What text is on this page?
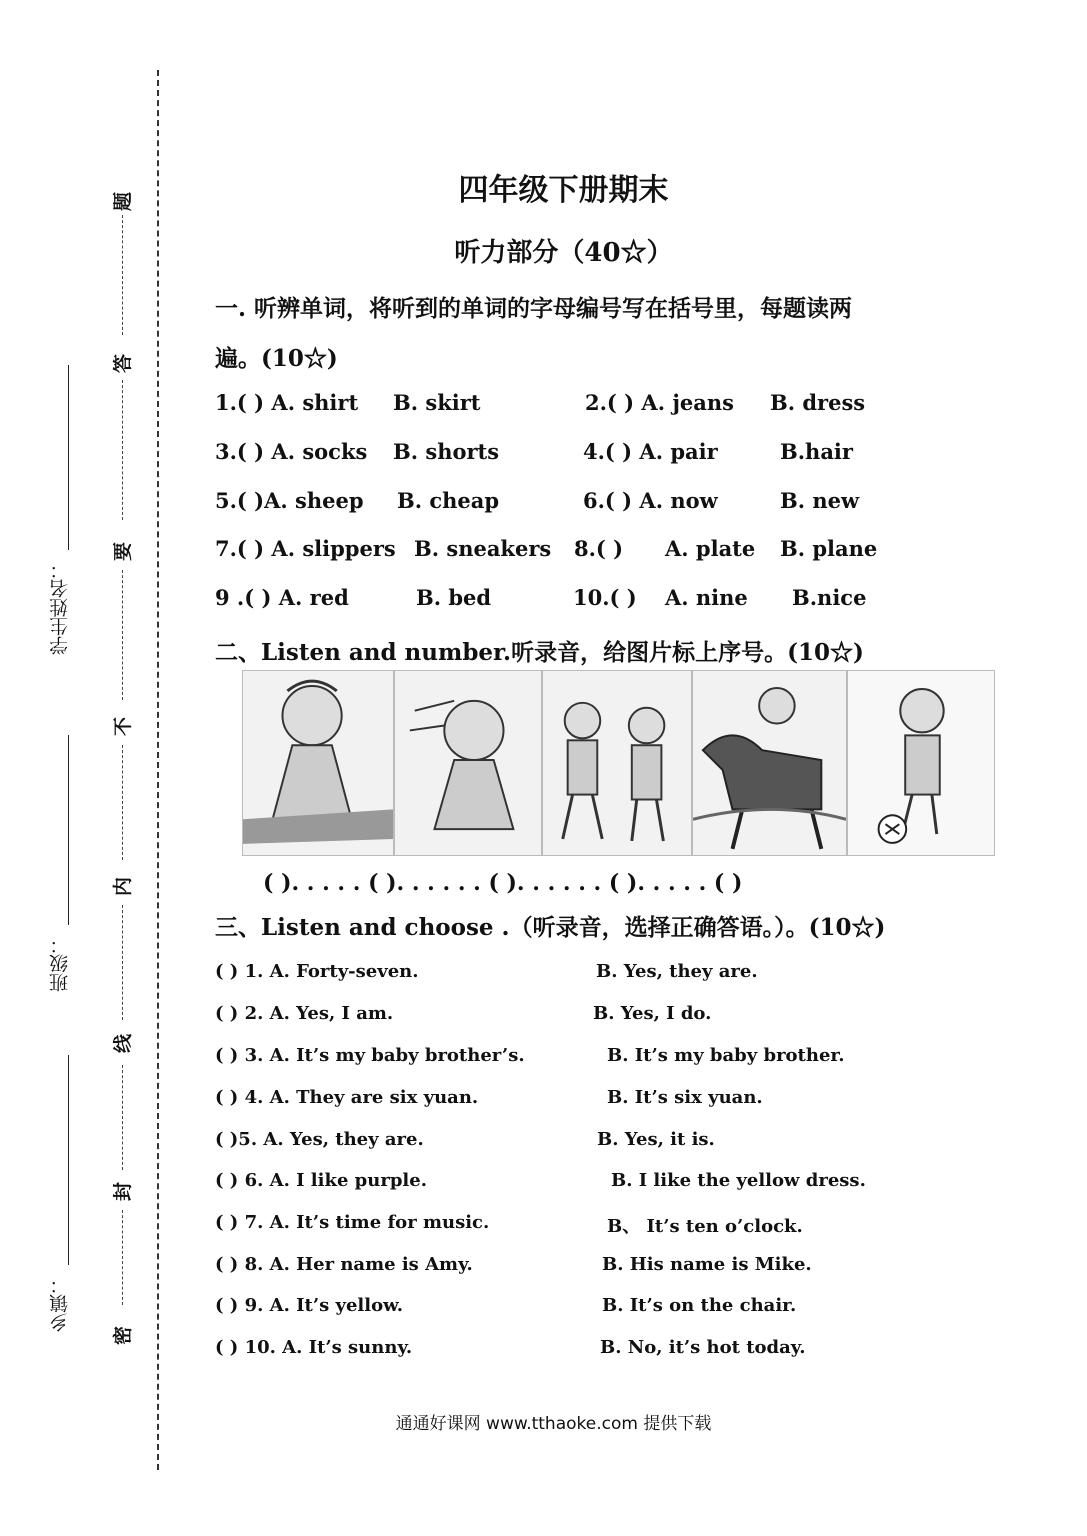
乡镇：
班级：
学生姓名：
题
答
要
不
内
线
封
密
四年级下册期末
听力部分（40☆）
一. 听辨单词，将听到的单词的字母编号写在括号里，每题读两
遍。(10☆)
1.( ) A. shirt B. skirt	2.( ) A. jeans B. dress
3.( ) A. socks B. shorts	4.( ) A. pair	B.hair
5.( )A. sheep B. cheap	6.( ) A. now	B. new
7.( ) A. slippers B. sneakers 8.( ) A. plate B. plane
9 .( ) A. red	B. bed	10.( ) A. nine B.nice
二、Listen and number.听录音，给图片标上序号。(10☆)
( ). . . . . ( ). . . . . . ( ). . . . . . ( ). . . . . ( )
三、Listen and choose .（听录音，选择正确答语。）。(10☆)
( ) 1. A. Forty-seven.	B. Yes, they are.
( ) 2. A. Yes, I am.	B. Yes, I do.
( ) 3. A. It’s my baby brother’s.	B. It’s my baby brother.
( ) 4. A. They are six yuan.	B. It’s six yuan.
( )5. A. Yes, they are.	B. Yes, it is.
( ) 6. A. I like purple.	B. I like the yellow dress.
( ) 7. A. It’s time for music.	B、 It’s ten o’clock.
( ) 8. A. Her name is Amy.	B. His name is Mike.
( ) 9. A. It’s yellow.	B. It’s on the chair.
( ) 10. A. It’s sunny.	B. No, it’s hot today.
通通好课网 www.tthaoke.com 提供下载
